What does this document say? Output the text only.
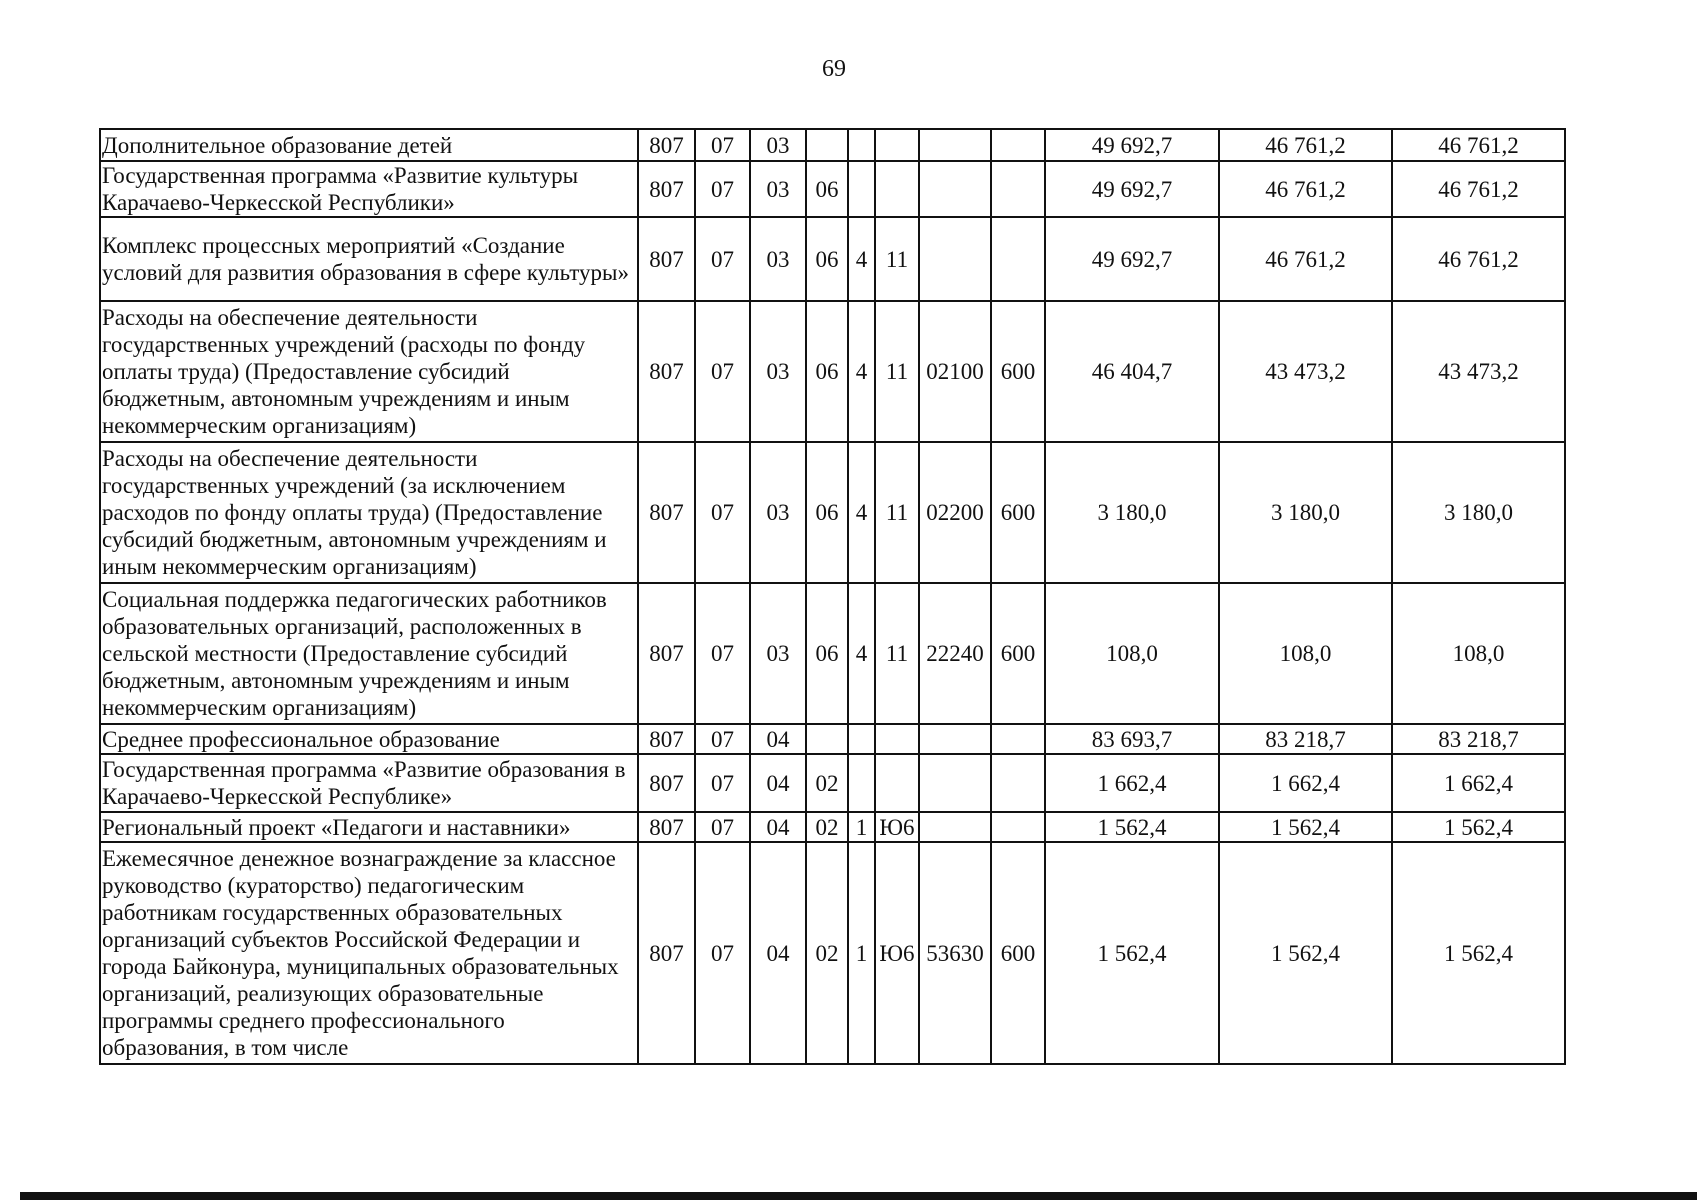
69
Дополнительное образование детей	807	07	03						49 692,7	46 761,2	46 761,2
Государственная программа «Развитие культуры Карачаево-Черкесской Республики»	807	07	03	06					49 692,7	46 761,2	46 761,2
Комплекс процессных мероприятий «Создание условий для развития образования в сфере культуры»	807	07	03	06	4	11			49 692,7	46 761,2	46 761,2
Расходы на обеспечение деятельности государственных учреждений (расходы по фонду оплаты труда) (Предоставление субсидий бюджетным, автономным учреждениям и иным некоммерческим организациям)	807	07	03	06	4	11	02100	600	46 404,7	43 473,2	43 473,2
Расходы на обеспечение деятельности государственных учреждений (за исключением расходов по фонду оплаты труда) (Предоставление субсидий бюджетным, автономным учреждениям и иным некоммерческим организациям)	807	07	03	06	4	11	02200	600	3 180,0	3 180,0	3 180,0
Социальная поддержка педагогических работников образовательных организаций, расположенных в сельской местности (Предоставление субсидий бюджетным, автономным учреждениям и иным некоммерческим организациям)	807	07	03	06	4	11	22240	600	108,0	108,0	108,0
Среднее профессиональное образование	807	07	04						83 693,7	83 218,7	83 218,7
Государственная программа «Развитие образования в Карачаево-Черкесской Республике»	807	07	04	02					1 662,4	1 662,4	1 662,4
Региональный проект «Педагоги и наставники»	807	07	04	02	1	Ю6			1 562,4	1 562,4	1 562,4
Ежемесячное денежное вознаграждение за классное руководство (кураторство) педагогическим работникам государственных образовательных организаций субъектов Российской Федерации и города Байконура, муниципальных образовательных организаций, реализующих образовательные программы среднего профессионального образования, в том числе	807	07	04	02	1	Ю6	53630	600	1 562,4	1 562,4	1 562,4
